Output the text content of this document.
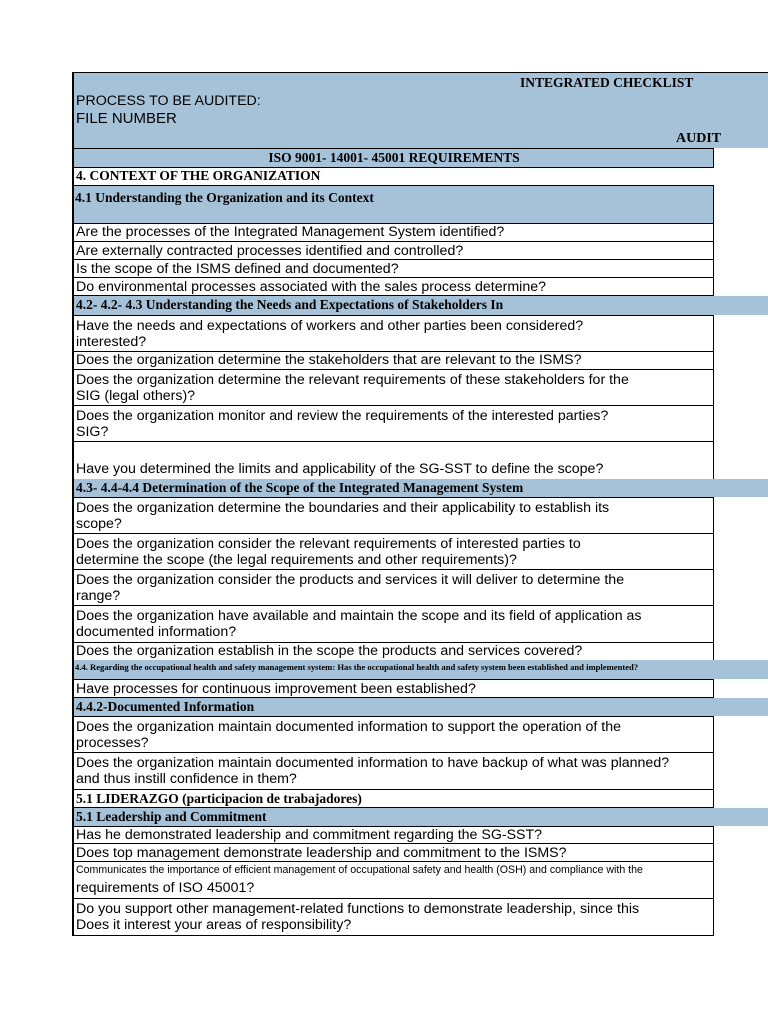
INTEGRATED CHECKLIST
PROCESS TO BE AUDITED:
FILE NUMBER
AUDIT
ISO 9001- 14001- 45001 REQUIREMENTS
4. CONTEXT OF THE ORGANIZATION
4.1 Understanding the Organization and its Context
Are the processes of the Integrated Management System identified?
Are externally contracted processes identified and controlled?
Is the scope of the ISMS defined and documented?
Do environmental processes associated with the sales process determine?
4.2- 4.2- 4.3 Understanding the Needs and Expectations of Stakeholders In
Have the needs and expectations of workers and other parties been considered?
interested?
Does the organization determine the stakeholders that are relevant to the ISMS?
Does the organization determine the relevant requirements of these stakeholders for the
SIG (legal others)?
Does the organization monitor and review the requirements of the interested parties?
SIG?
Have you determined the limits and applicability of the SG-SST to define the scope?
4.3- 4.4-4.4 Determination of the Scope of the Integrated Management System
Does the organization determine the boundaries and their applicability to establish its
scope?
Does the organization consider the relevant requirements of interested parties to
determine the scope (the legal requirements and other requirements)?
Does the organization consider the products and services it will deliver to determine the
range?
Does the organization have available and maintain the scope and its field of application as
documented information?
Does the organization establish in the scope the products and services covered?
4.4. Regarding the occupational health and safety management system: Has the occupational health and safety system been established and implemented?
Have processes for continuous improvement been established?
4.4.2-Documented Information
Does the organization maintain documented information to support the operation of the
processes?
Does the organization maintain documented information to have backup of what was planned?
and thus instill confidence in them?
5.1 LIDERAZGO (participacion de trabajadores)
5.1 Leadership and Commitment
Has he demonstrated leadership and commitment regarding the SG-SST?
Does top management demonstrate leadership and commitment to the ISMS?
Communicates the importance of efficient management of occupational safety and health (OSH) and compliance with the
requirements of ISO 45001?
Do you support other management-related functions to demonstrate leadership, since this
Does it interest your areas of responsibility?
